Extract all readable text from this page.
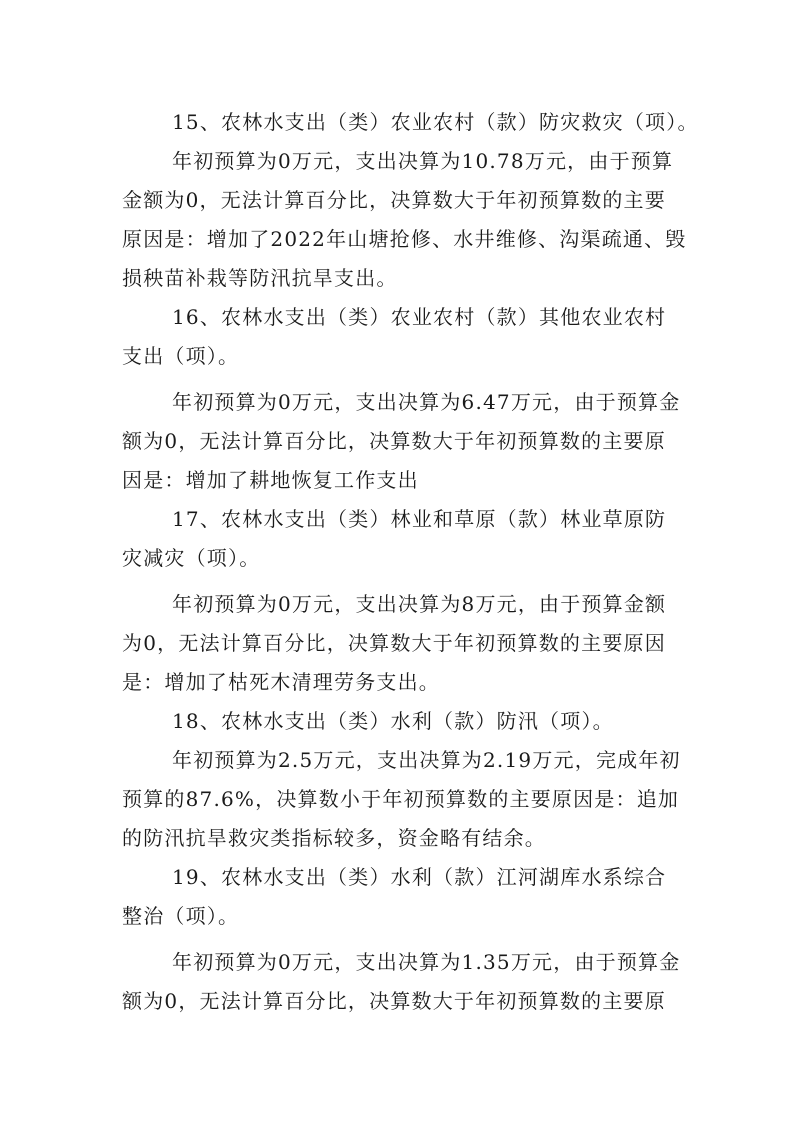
15、农林水支出（类）农业农村（款）防灾救灾（项）。
年初预算为0万元，支出决算为10.78万元，由于预算
金额为0，无法计算百分比，决算数大于年初预算数的主要
原因是：增加了2022年山塘抢修、水井维修、沟渠疏通、毁
损秧苗补栽等防汛抗旱支出。
16、农林水支出（类）农业农村（款）其他农业农村
支出（项）。
年初预算为0万元，支出决算为6.47万元，由于预算金
额为0，无法计算百分比，决算数大于年初预算数的主要原
因是：增加了耕地恢复工作支出
17、农林水支出（类）林业和草原（款）林业草原防
灾减灾（项）。
年初预算为0万元，支出决算为8万元，由于预算金额
为0，无法计算百分比，决算数大于年初预算数的主要原因
是：增加了枯死木清理劳务支出。
18、农林水支出（类）水利（款）防汛（项）。
年初预算为2.5万元，支出决算为2.19万元，完成年初
预算的87.6%，决算数小于年初预算数的主要原因是：追加
的防汛抗旱救灾类指标较多，资金略有结余。
19、农林水支出（类）水利（款）江河湖库水系综合
整治（项）。
年初预算为0万元，支出决算为1.35万元，由于预算金
额为0，无法计算百分比，决算数大于年初预算数的主要原
